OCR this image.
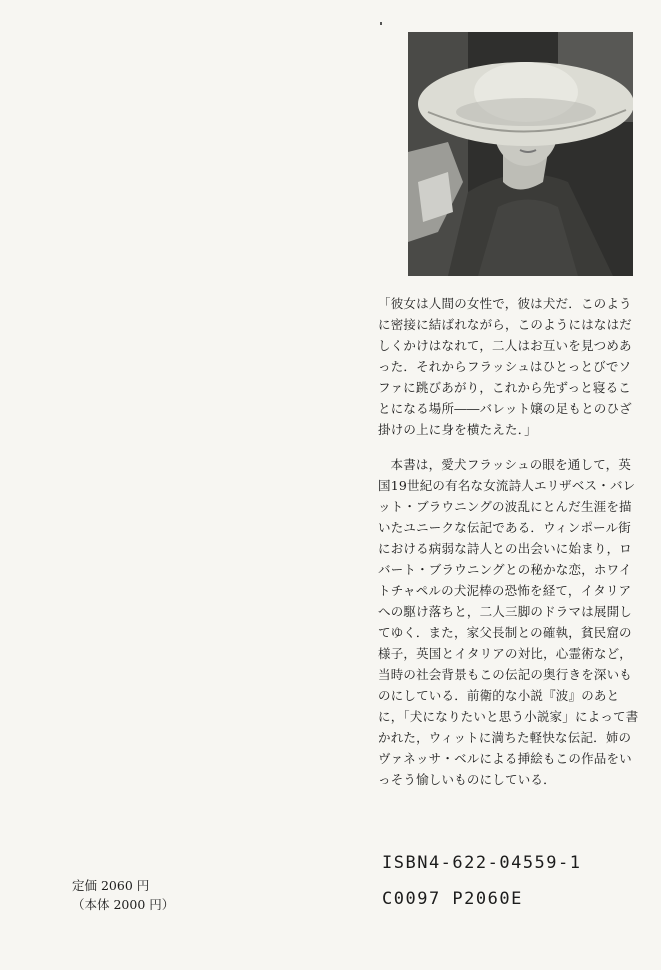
「彼女は人間の女性で，彼は犬だ．このように密接に結ばれながら，このようにはなはだしくかけはなれて，二人はお互いを見つめあった．それからフラッシュはひとっとびでソファに跳びあがり，これから先ずっと寝ることになる場所――バレット嬢の足もとのひざ掛けの上に身を横たえた．」

本書は，愛犬フラッシュの眼を通して，英国19世紀の有名な女流詩人エリザベス・バレット・ブラウニングの波乱にとんだ生涯を描いたユニークな伝記である．ウィンポール街における病弱な詩人との出会いに始まり，ロバート・ブラウニングとの秘かな恋，ホワイトチャペルの犬泥棒の恐怖を経て，イタリアへの駆け落ちと，二人三脚のドラマは展開してゆく．また，家父長制との確執，貧民窟の様子，英国とイタリアの対比，心霊術など，当時の社会背景もこの伝記の奥行きを深いものにしている．前衛的な小説『波』のあとに，「犬になりたいと思う小説家」によって書かれた，ウィットに満ちた軽快な伝記．姉のヴァネッサ・ベルによる挿絵もこの作品をいっそう愉しいものにしている．

ISBN4-622-04559-1
C0097 P2060E
定価 2060 円
（本体 2000 円）
